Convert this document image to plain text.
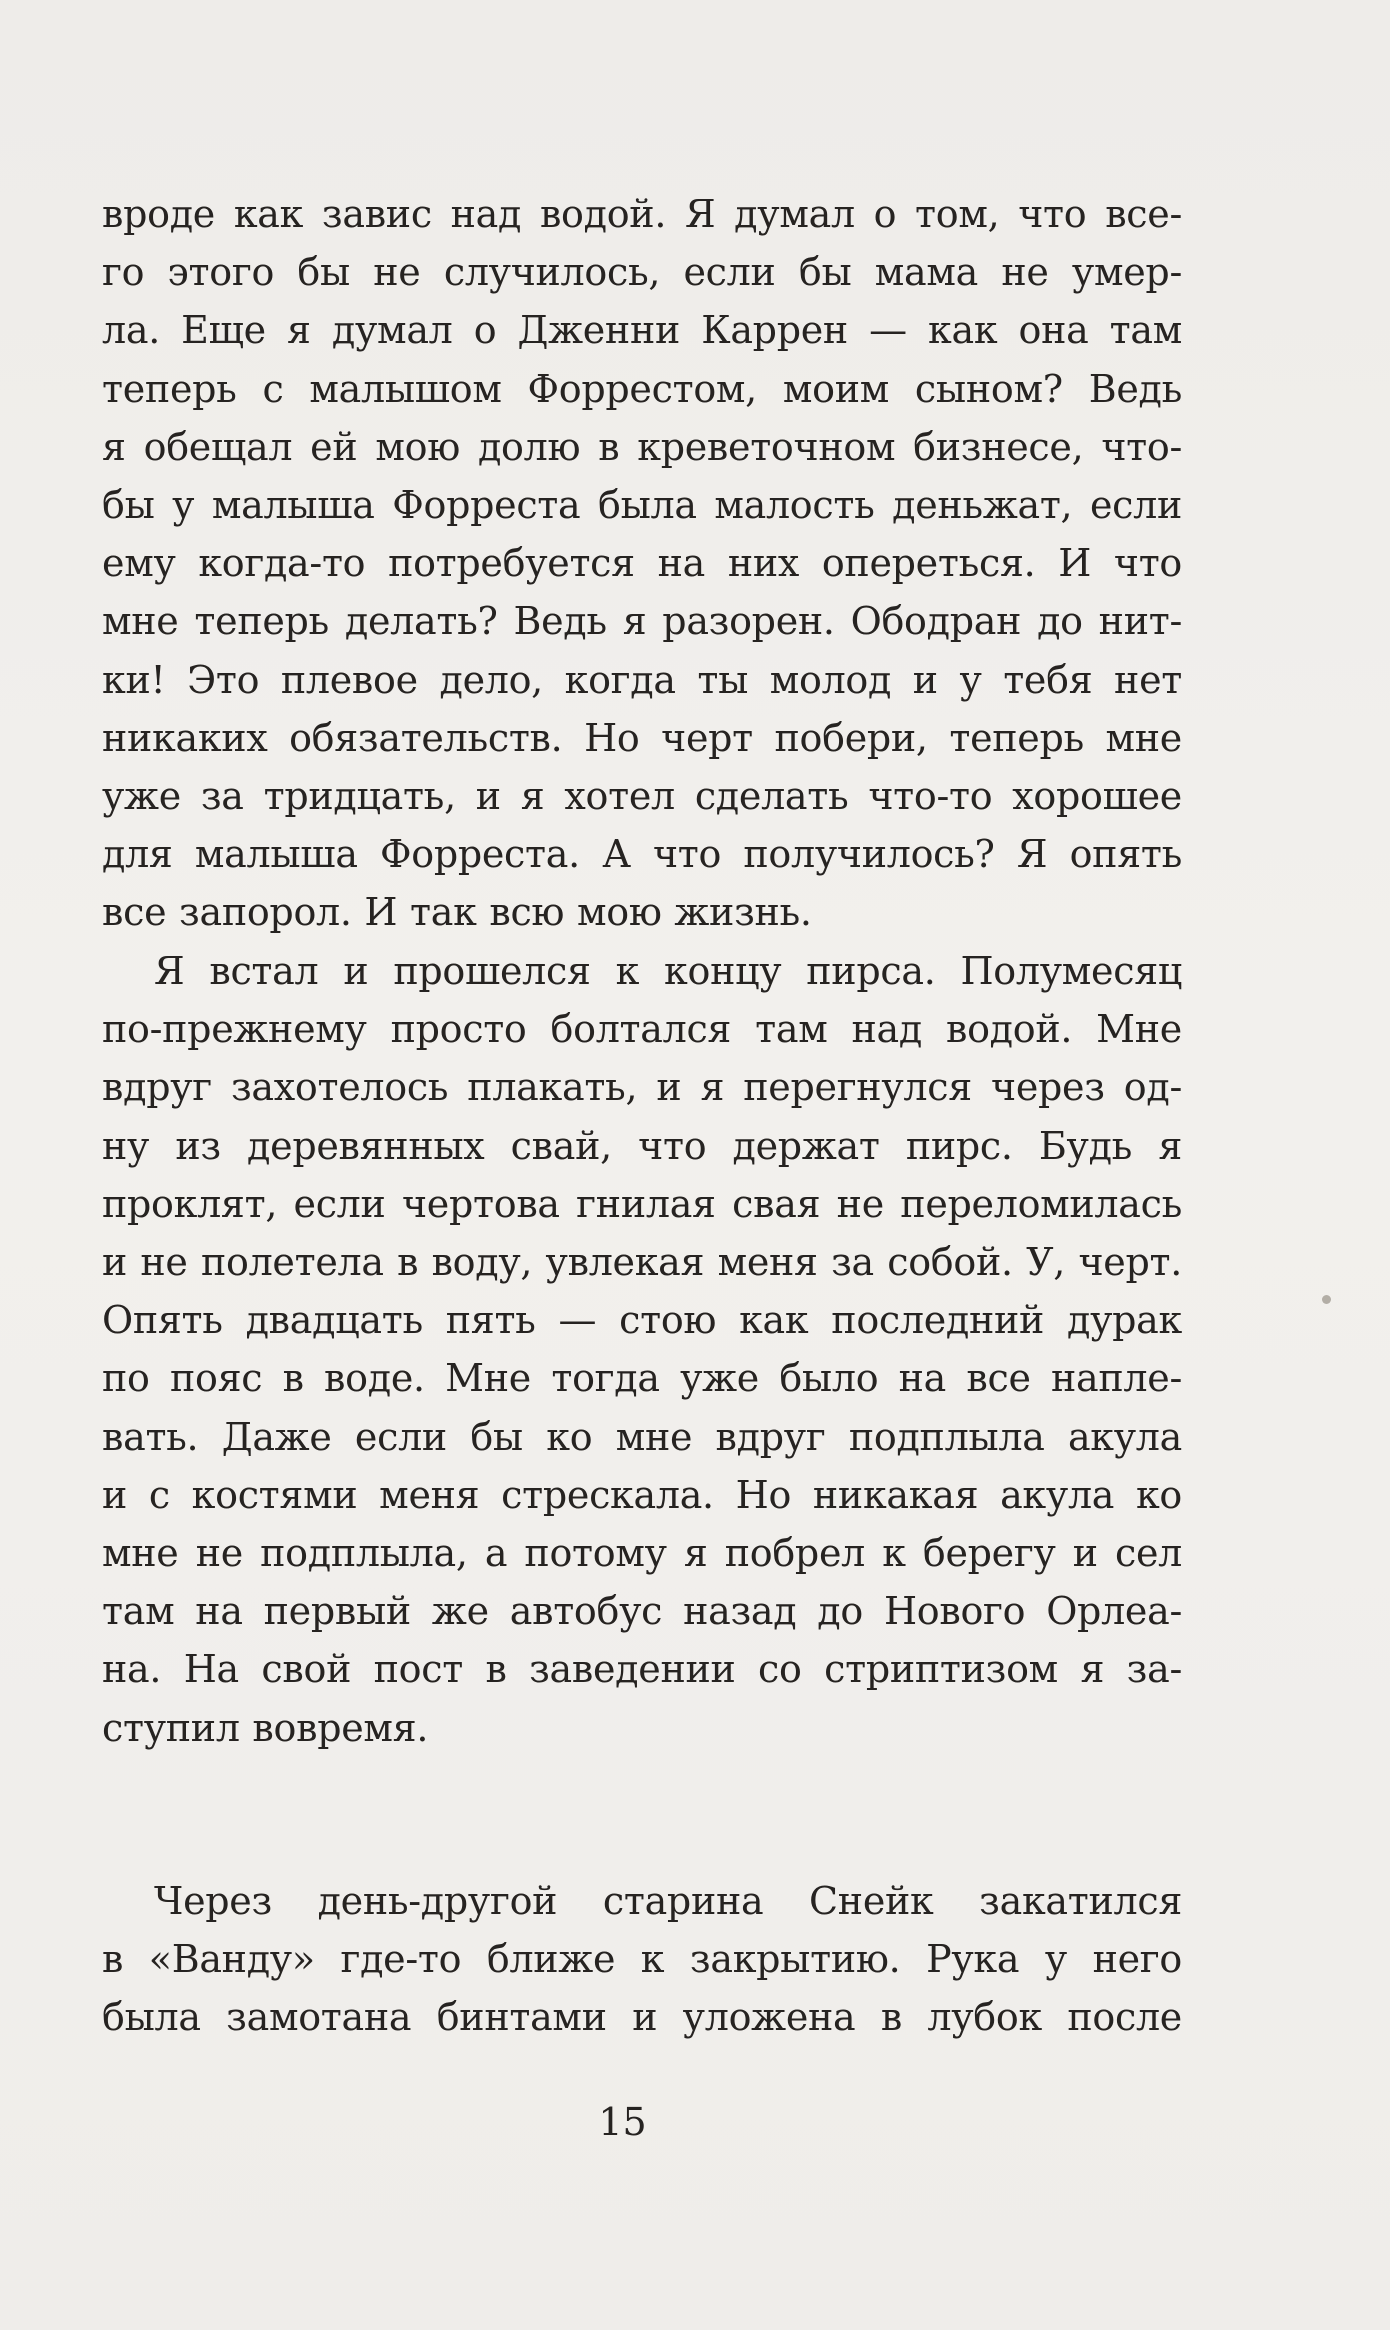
вроде как завис над водой. Я думал о том, что все-
го этого бы не случилось, если бы мама не умер-
ла. Еще я думал о Дженни Каррен — как она там
теперь с малышом Форрестом, моим сыном? Ведь
я обещал ей мою долю в креветочном бизнесе, что-
бы у малыша Форреста была малость деньжат, если
ему когда-то потребуется на них опереться. И что
мне теперь делать? Ведь я разорен. Ободран до нит-
ки! Это плевое дело, когда ты молод и у тебя нет
никаких обязательств. Но черт побери, теперь мне
уже за тридцать, и я хотел сделать что-то хорошее
для малыша Форреста. А что получилось? Я опять
все запорол. И так всю мою жизнь.
Я встал и прошелся к концу пирса. Полумесяц
по-прежнему просто болтался там над водой. Мне
вдруг захотелось плакать, и я перегнулся через од-
ну из деревянных свай, что держат пирс. Будь я
проклят, если чертова гнилая свая не переломилась
и не полетела в воду, увлекая меня за собой. У, черт.
Опять двадцать пять — стою как последний дурак
по пояс в воде. Мне тогда уже было на все напле-
вать. Даже если бы ко мне вдруг подплыла акула
и с костями меня стрескала. Но никакая акула ко
мне не подплыла, а потому я побрел к берегу и сел
там на первый же автобус назад до Нового Орлеа-
на. На свой пост в заведении со стриптизом я за-
ступил вовремя.
Через день-другой старина Снейк закатился
в «Ванду» где-то ближе к закрытию. Рука у него
была замотана бинтами и уложена в лубок после
15
